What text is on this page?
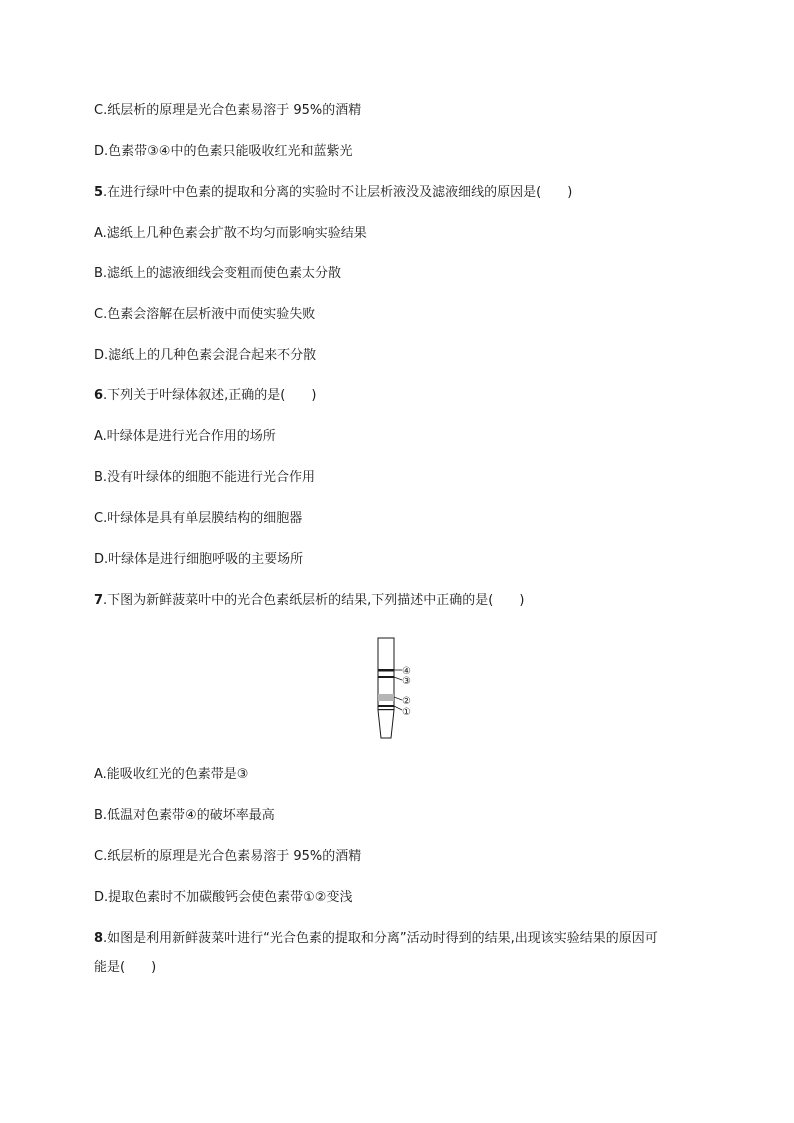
C.纸层析的原理是光合色素易溶于 95%的酒精
D.色素带③④中的色素只能吸收红光和蓝紫光
5.在进行绿叶中色素的提取和分离的实验时不让层析液没及滤液细线的原因是(　　)
A.滤纸上几种色素会扩散不均匀而影响实验结果
B.滤纸上的滤液细线会变粗而使色素太分散
C.色素会溶解在层析液中而使实验失败
D.滤纸上的几种色素会混合起来不分散
6.下列关于叶绿体叙述,正确的是(　　)
A.叶绿体是进行光合作用的场所
B.没有叶绿体的细胞不能进行光合作用
C.叶绿体是具有单层膜结构的细胞器
D.叶绿体是进行细胞呼吸的主要场所
7.下图为新鲜菠菜叶中的光合色素纸层析的结果,下列描述中正确的是(　　)
④
③
②
①
A.能吸收红光的色素带是③
B.低温对色素带④的破坏率最高
C.纸层析的原理是光合色素易溶于 95%的酒精
D.提取色素时不加碳酸钙会使色素带①②变浅
8.如图是利用新鲜菠菜叶进行“光合色素的提取和分离”活动时得到的结果,出现该实验结果的原因可
能是(　　)
